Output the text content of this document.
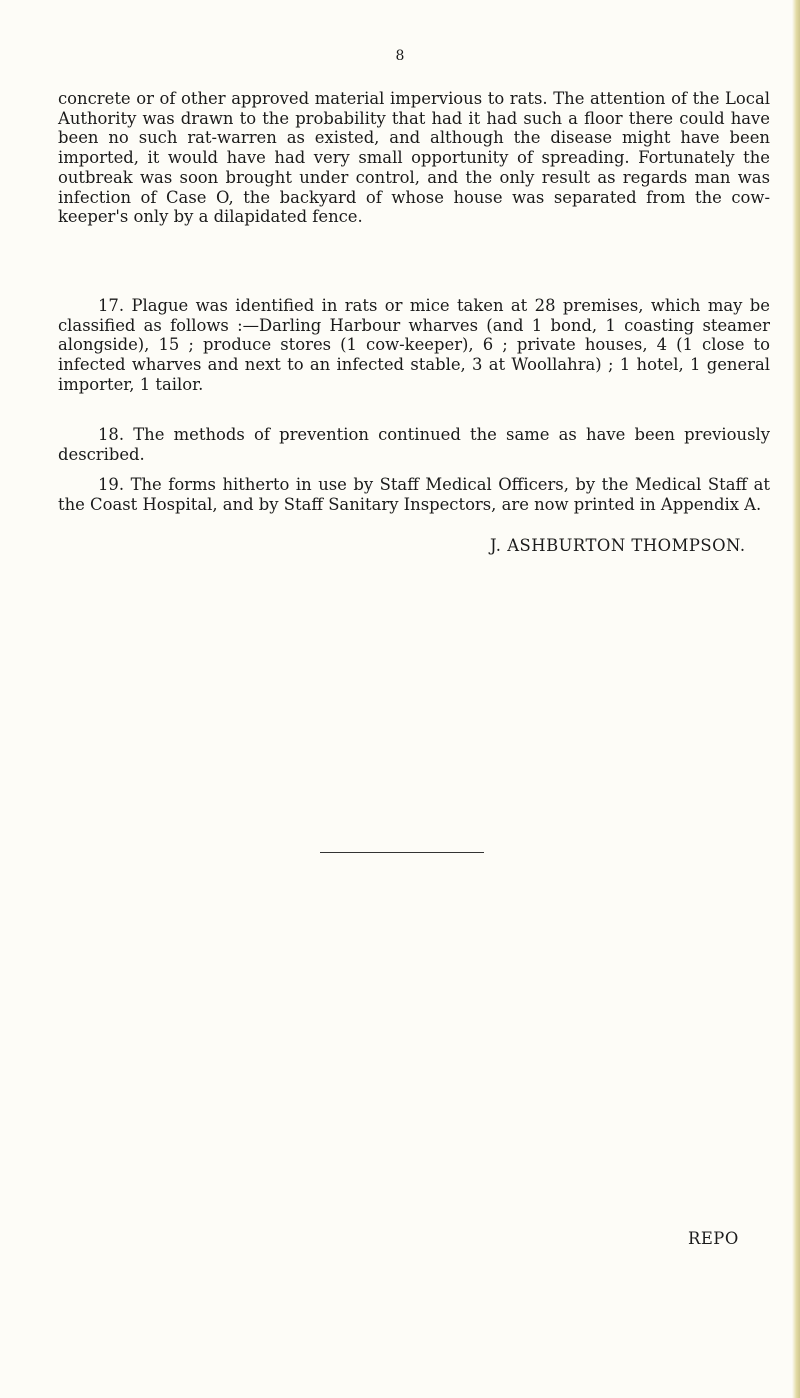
8

concrete or of other approved material impervious to rats. The attention of the Local Authority was drawn to the probability that had it had such a floor there could have been no such rat-warren as existed, and although the disease might have been imported, it would have had very small opportunity of spreading. Fortunately the outbreak was soon brought under control, and the only result as regards man was infection of Case O, the backyard of whose house was separated from the cow-keeper's only by a dilapidated fence.

17. Plague was identified in rats or mice taken at 28 premises, which may be classified as follows :—Darling Harbour wharves (and 1 bond, 1 coasting steamer alongside), 15 ; produce stores (1 cow-keeper), 6 ; private houses, 4 (1 close to infected wharves and next to an infected stable, 3 at Woollahra) ; 1 hotel, 1 general importer, 1 tailor.

18. The methods of prevention continued the same as have been previously described.

19. The forms hitherto in use by Staff Medical Officers, by the Medical Staff at the Coast Hospital, and by Staff Sanitary Inspectors, are now printed in Appendix A.

J. ASHBURTON THOMPSON.
REPO
